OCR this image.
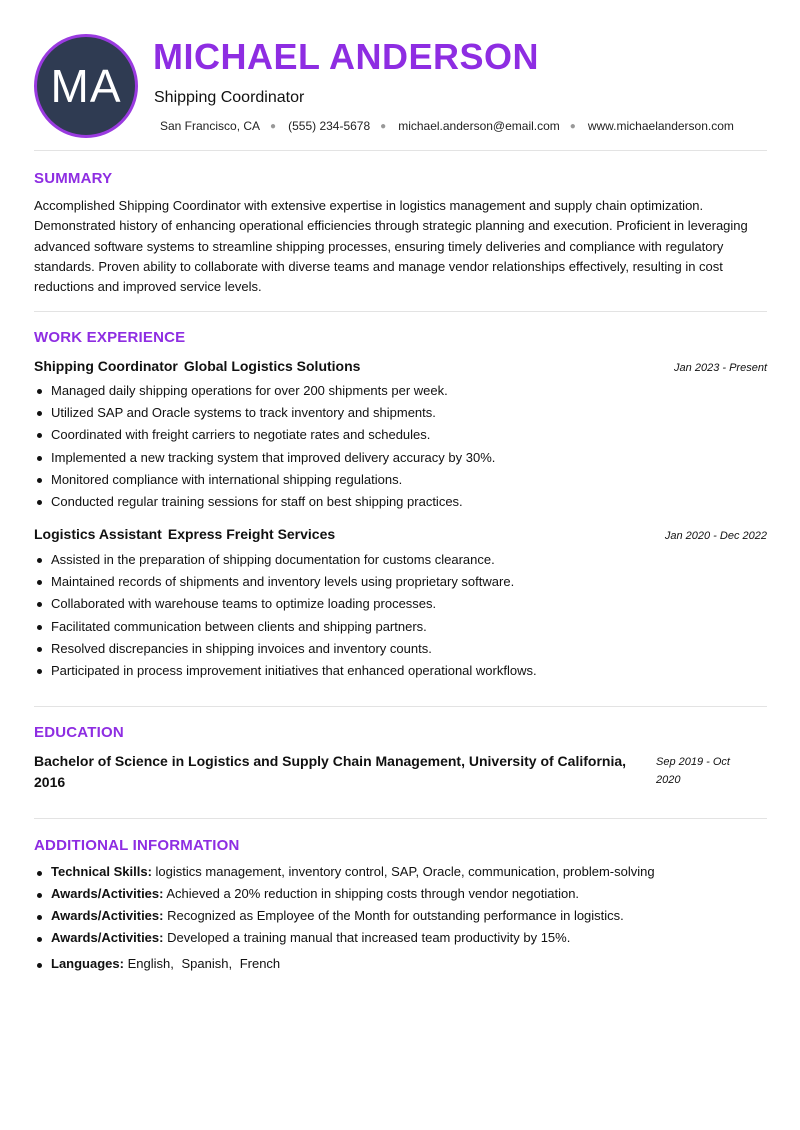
MA
MICHAEL ANDERSON
Shipping Coordinator
San Francisco, CA ● (555) 234-5678 ● michael.anderson@email.com ● www.michaelanderson.com
SUMMARY
Accomplished Shipping Coordinator with extensive expertise in logistics management and supply chain optimization. Demonstrated history of enhancing operational efficiencies through strategic planning and execution. Proficient in leveraging advanced software systems to streamline shipping processes, ensuring timely deliveries and compliance with regulatory standards. Proven ability to collaborate with diverse teams and manage vendor relationships effectively, resulting in cost reductions and improved service levels.
WORK EXPERIENCE
Shipping Coordinator Global Logistics Solutions	Jan 2023 - Present
Managed daily shipping operations for over 200 shipments per week.
Utilized SAP and Oracle systems to track inventory and shipments.
Coordinated with freight carriers to negotiate rates and schedules.
Implemented a new tracking system that improved delivery accuracy by 30%.
Monitored compliance with international shipping regulations.
Conducted regular training sessions for staff on best shipping practices.
Logistics Assistant Express Freight Services	Jan 2020 - Dec 2022
Assisted in the preparation of shipping documentation for customs clearance.
Maintained records of shipments and inventory levels using proprietary software.
Collaborated with warehouse teams to optimize loading processes.
Facilitated communication between clients and shipping partners.
Resolved discrepancies in shipping invoices and inventory counts.
Participated in process improvement initiatives that enhanced operational workflows.
EDUCATION
Bachelor of Science in Logistics and Supply Chain Management, University of California, 2016
Sep 2019 - Oct 2020
ADDITIONAL INFORMATION
Technical Skills: logistics management, inventory control, SAP, Oracle, communication, problem-solving
Awards/Activities: Achieved a 20% reduction in shipping costs through vendor negotiation.
Awards/Activities: Recognized as Employee of the Month for outstanding performance in logistics.
Awards/Activities: Developed a training manual that increased team productivity by 15%.
Languages: English, Spanish, French
